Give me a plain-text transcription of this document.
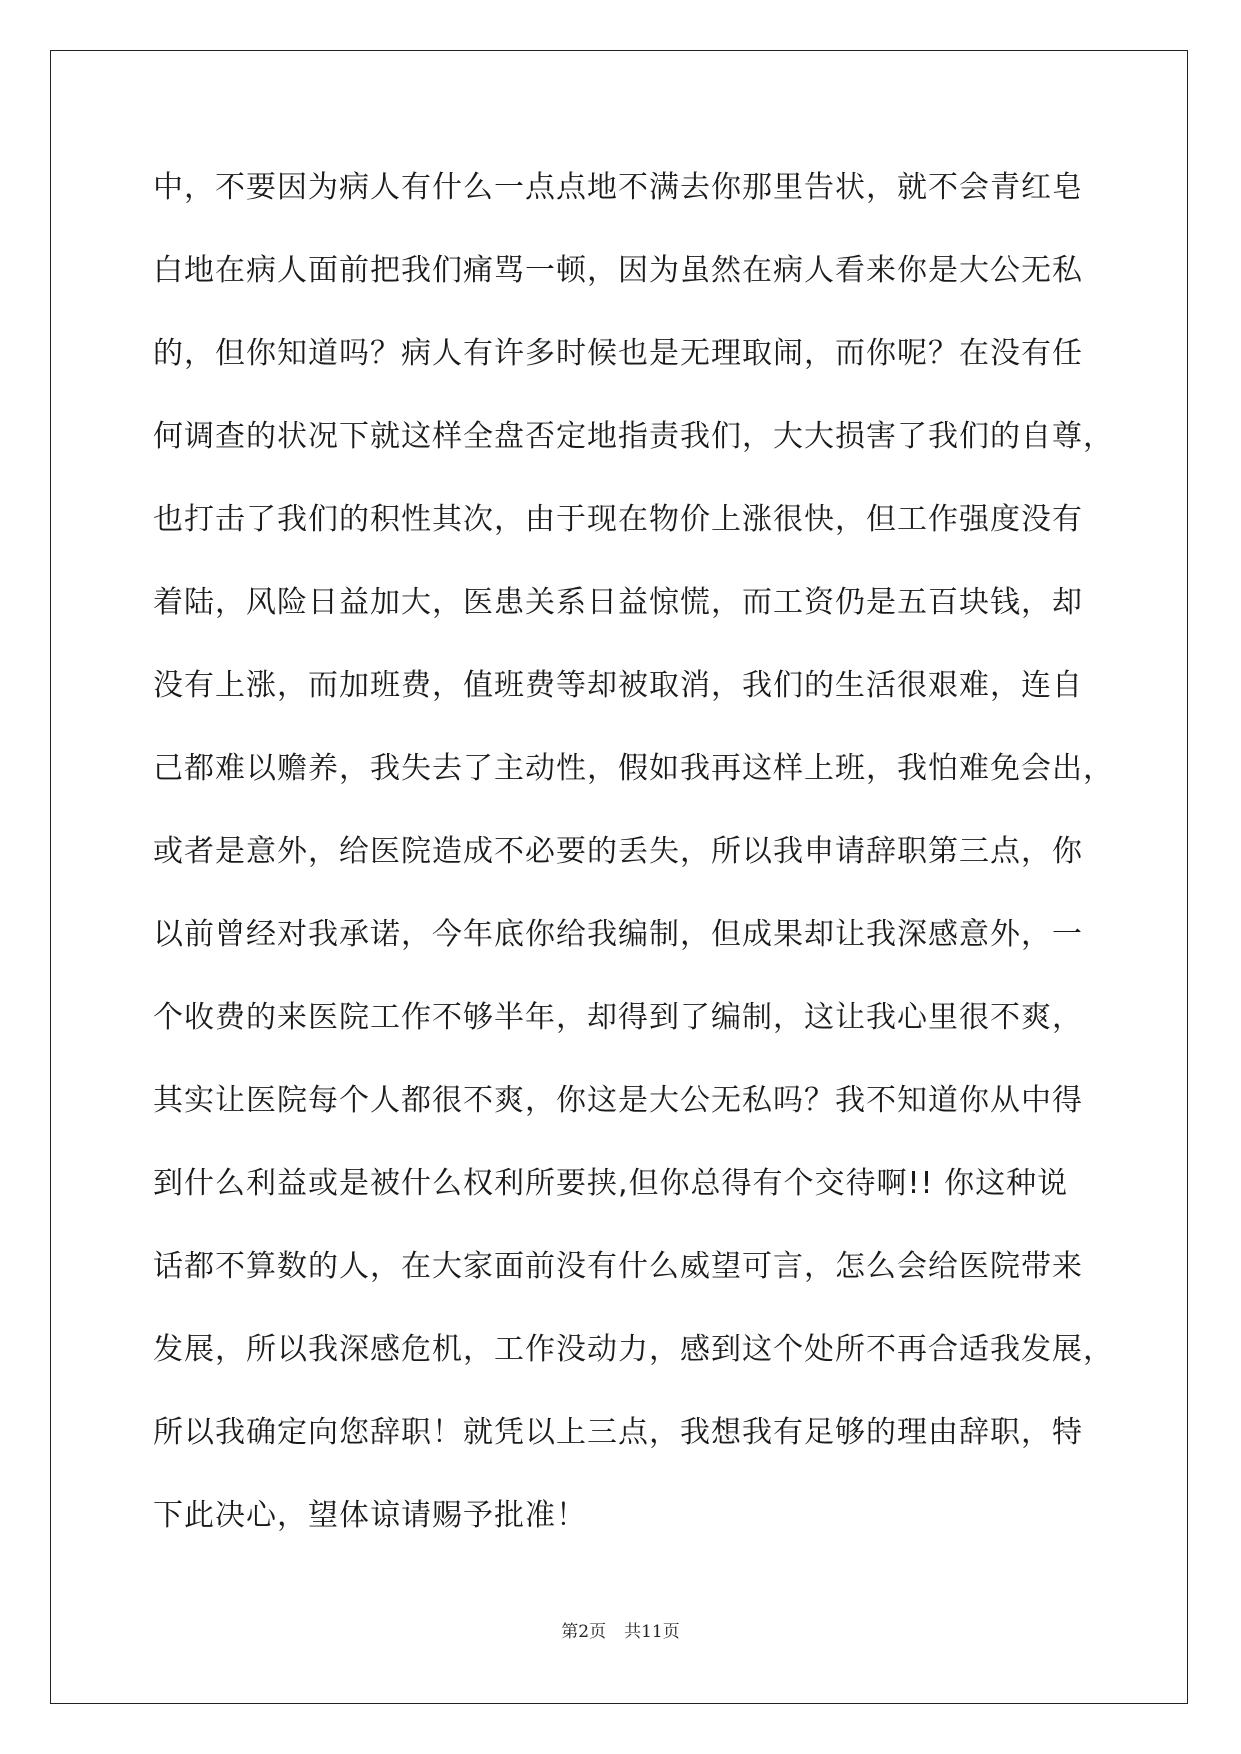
中，不要因为病人有什么一点点地不满去你那里告状，就不会青红皂
白地在病人面前把我们痛骂一顿，因为虽然在病人看来你是大公无私
的，但你知道吗？病人有许多时候也是无理取闹，而你呢？在没有任
何调查的状况下就这样全盘否定地指责我们，大大损害了我们的自尊，
也打击了我们的积性其次，由于现在物价上涨很快，但工作强度没有
着陆，风险日益加大，医患关系日益惊慌，而工资仍是五百块钱，却
没有上涨，而加班费，值班费等却被取消，我们的生活很艰难，连自
己都难以赡养，我失去了主动性，假如我再这样上班，我怕难免会出，
或者是意外，给医院造成不必要的丢失，所以我申请辞职第三点，你
以前曾经对我承诺，今年底你给我编制，但成果却让我深感意外，一
个收费的来医院工作不够半年，却得到了编制，这让我心里很不爽，
其实让医院每个人都很不爽，你这是大公无私吗？我不知道你从中得
到什么利益或是被什么权利所要挟,但你总得有个交待啊!! 你这种说
话都不算数的人，在大家面前没有什么威望可言，怎么会给医院带来
发展，所以我深感危机，工作没动力，感到这个处所不再合适我发展，
所以我确定向您辞职！就凭以上三点，我想我有足够的理由辞职，特
下此决心，望体谅请赐予批准！
第2页 共11页
